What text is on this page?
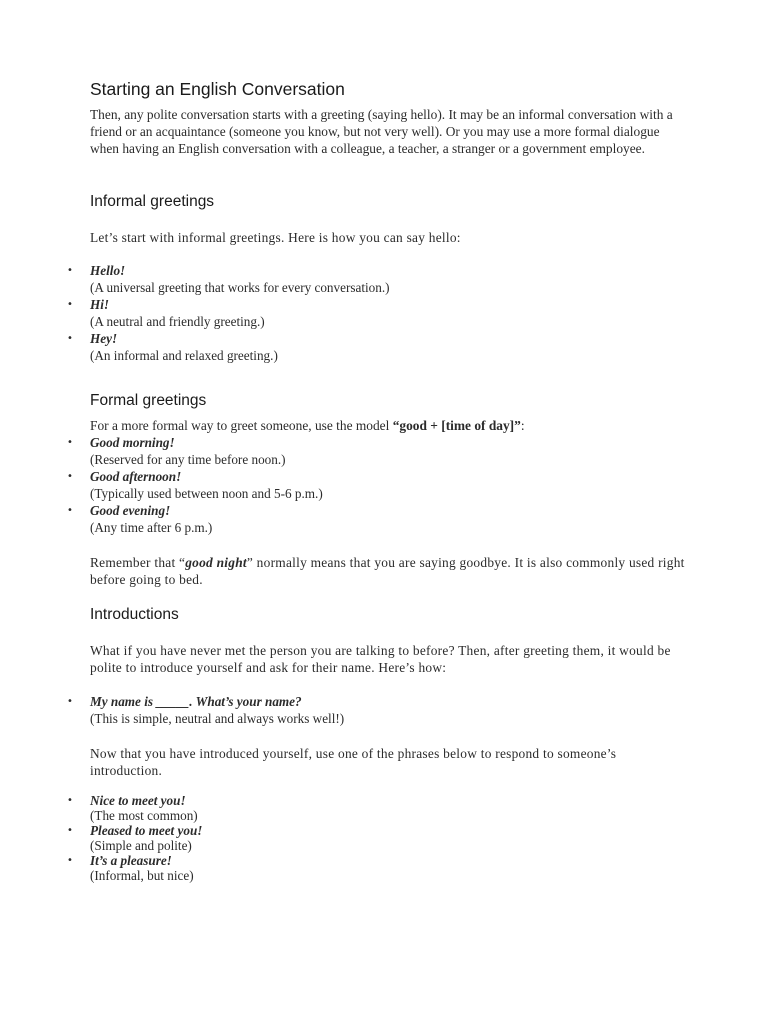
Starting an English Conversation

Then, any polite conversation starts with a greeting (saying hello). It may be an informal conversation with a friend or an acquaintance (someone you know, but not very well). Or you may use a more formal dialogue when having an English conversation with a colleague, a teacher, a stranger or a government employee.

Informal greetings

Let’s start with informal greetings. Here is how you can say hello:

• Hello!
(A universal greeting that works for every conversation.)
• Hi!
(A neutral and friendly greeting.)
• Hey!
(An informal and relaxed greeting.)
Formal greetings

For a more formal way to greet someone, use the model “good + [time of day]”:

• Good morning!
(Reserved for any time before noon.)
• Good afternoon!
(Typically used between noon and 5-6 p.m.)
• Good evening!
(Any time after 6 p.m.)

Remember that “good night” normally means that you are saying goodbye. It is also commonly used right before going to bed.

Introductions

What if you have never met the person you are talking to before? Then, after greeting them, it would be polite to introduce yourself and ask for their name. Here’s how:

• My name is _____. What’s your name?
(This is simple, neutral and always works well!)

Now that you have introduced yourself, use one of the phrases below to respond to someone’s introduction.

• Nice to meet you!
(The most common)
• Pleased to meet you!
(Simple and polite)
• It’s a pleasure!
(Informal, but nice)
